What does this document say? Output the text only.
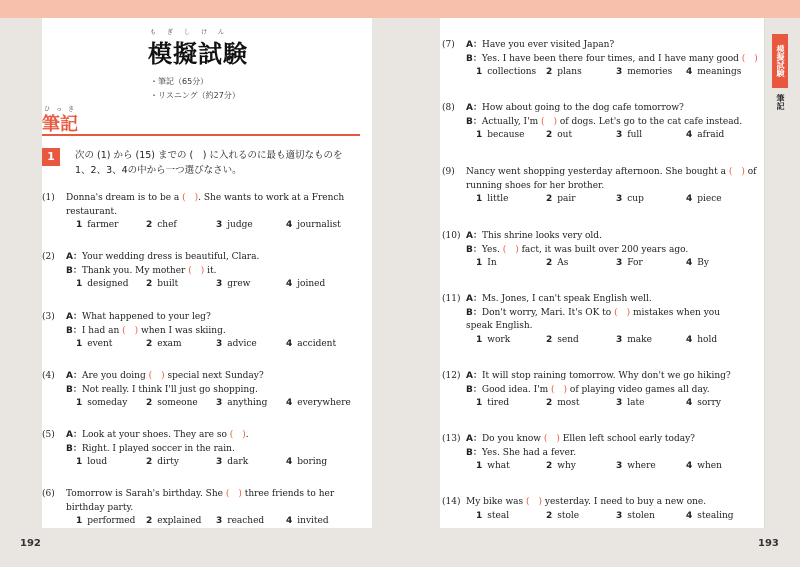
もぎしけん
模擬試験
・筆記（65分）
・リスニング（約27分）
ひっき
筆記
1	次の (1) から (15) までの (　) に入れるのに最も適切なものを
1、2、3、4の中から一つ選びなさい。
(1) Donna's dream is to be a (　). She wants to work at a French
restaurant.
1 farmer	2 chef	3 judge	4 journalist
(2) A：Your wedding dress is beautiful, Clara.
B：Thank you. My mother (　) it.
1 designed 2 built	3 grew	4 joined
(3) A：What happened to your leg?
B：I had an (　) when I was skiing.
1 event	2 exam	3 advice	4 accident
(4) A：Are you doing (　) special next Sunday?
B：Not really. I think I'll just go shopping.
1 someday 2 someone 3 anything 4 everywhere
(5) A：Look at your shoes. They are so (　).
B：Right. I played soccer in the rain.
1 loud	2 dirty	3 dark	4 boring
(6) Tomorrow is Sarah's birthday. She (　) three friends to her
birthday party.
1 performed 2 explained 3 reached 4 invited
(7) A：Have you ever visited Japan?
B：Yes. I have been there four times, and I have many good (　)
1 collections 2 plans	3 memories 4 meanings
(8) A：How about going to the dog cafe tomorrow?
B：Actually, I'm (　) of dogs. Let's go to the cat cafe instead.
1 because 2 out	3 full	4 afraid
(9) Nancy went shopping yesterday afternoon. She bought a (　) of
running shoes for her brother.
1 little	2 pair	3 cup	4 piece
(10) A：This shrine looks very old.
B：Yes. (　) fact, it was built over 200 years ago.
1 In	2 As	3 For	4 By
(11) A：Ms. Jones, I can't speak English well.
B：Don't worry, Mari. It's OK to (　) mistakes when you
speak English.
1 work	2 send	3 make	4 hold
(12) A：It will stop raining tomorrow. Why don't we go hiking?
B：Good idea. I'm (　) of playing video games all day.
1 tired	2 most	3 late	4 sorry
(13) A：Do you know (　) Ellen left school early today?
B：Yes. She had a fever.
1 what	2 why	3 where	4 when
(14) My bike was (　) yesterday. I need to buy a new one.
1 steal	2 stole	3 stolen	4 stealing
192	193
模擬試験
筆記
